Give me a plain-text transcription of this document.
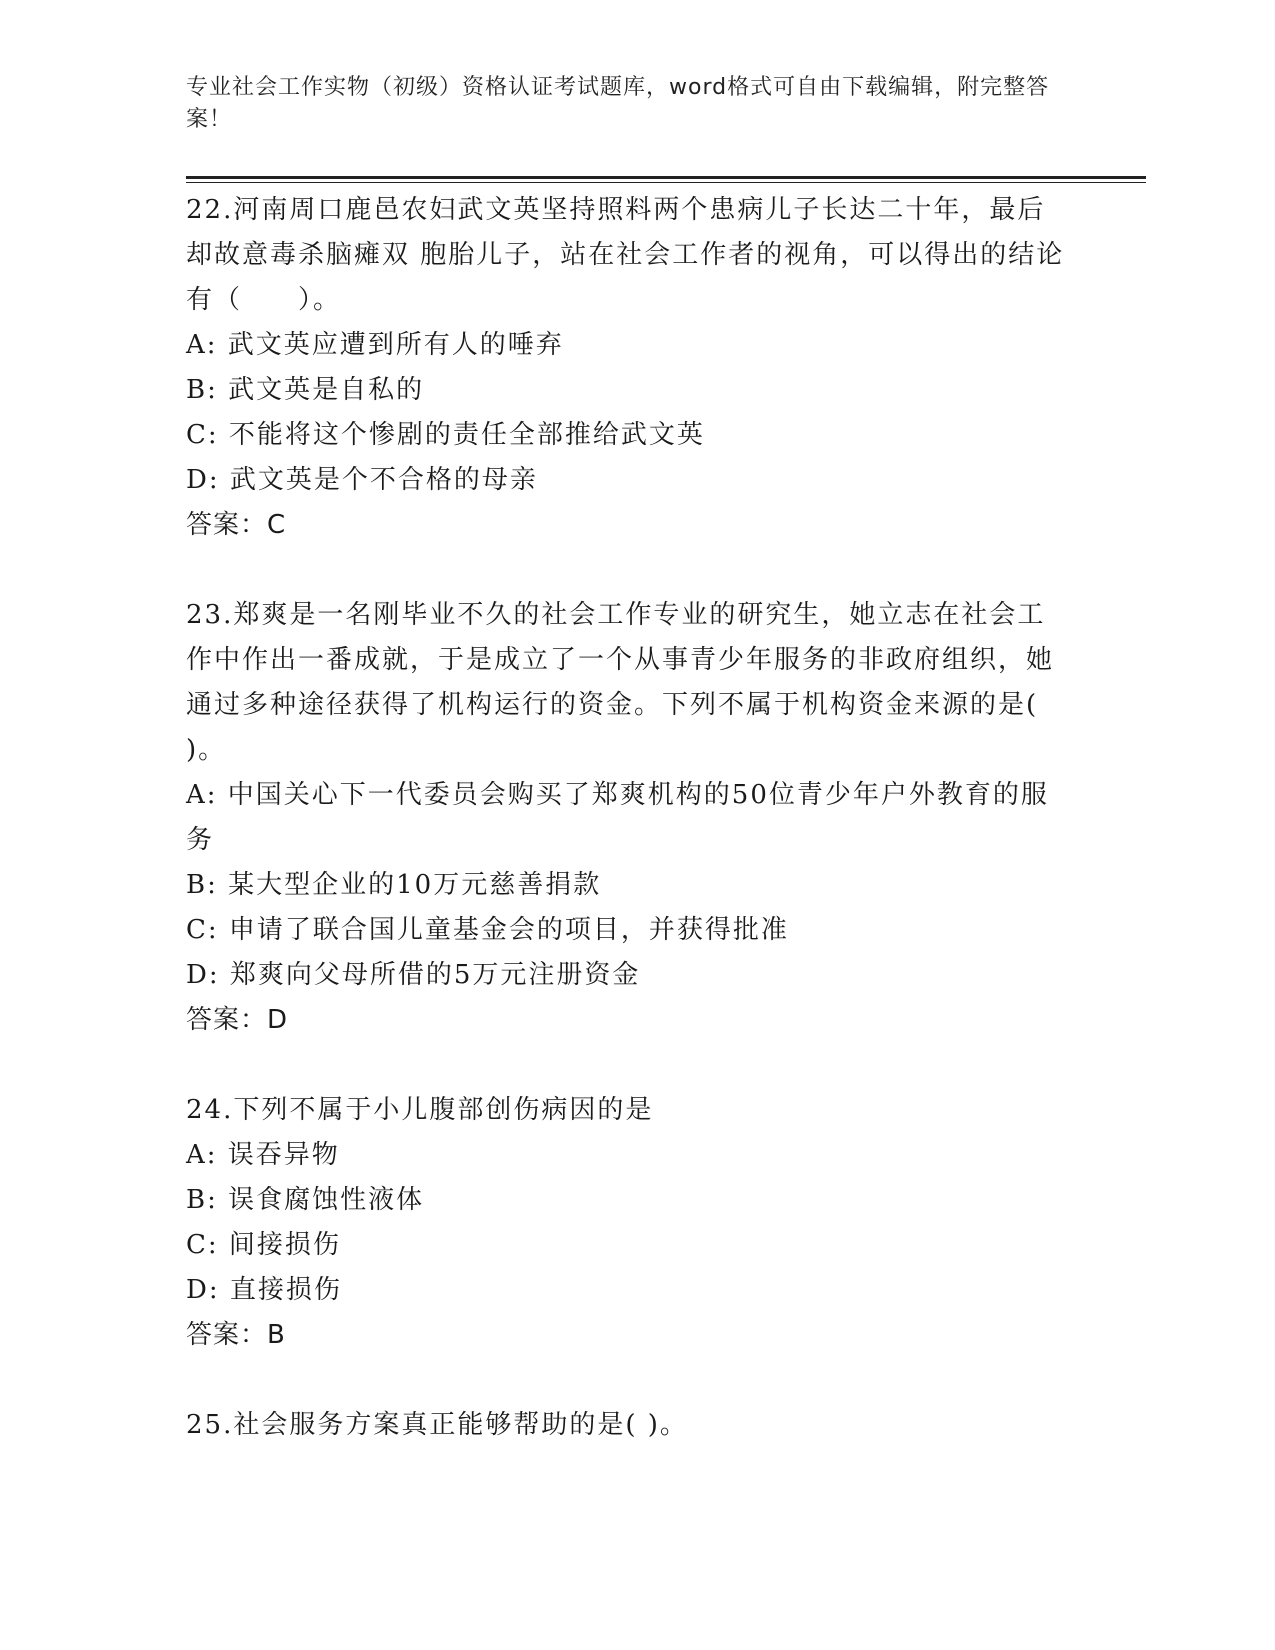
专业社会工作实物（初级）资格认证考试题库，word格式可自由下载编辑，附完整答案！

22.河南周口鹿邑农妇武文英坚持照料两个患病儿子长达二十年，最后却故意毒杀脑瘫双 胞胎儿子，站在社会工作者的视角，可以得出的结论有（　　）。

A: 武文英应遭到所有人的唾弃

B: 武文英是自私的

C: 不能将这个惨剧的责任全部推给武文英

D: 武文英是个不合格的母亲

答案：C

23.郑爽是一名刚毕业不久的社会工作专业的研究生，她立志在社会工作中作出一番成就，于是成立了一个从事青少年服务的非政府组织，她通过多种途径获得了机构运行的资金。下列不属于机构资金来源的是( )。

A: 中国关心下一代委员会购买了郑爽机构的50位青少年户外教育的服务

B: 某大型企业的10万元慈善捐款

C: 申请了联合国儿童基金会的项目，并获得批准

D: 郑爽向父母所借的5万元注册资金

答案：D

24.下列不属于小儿腹部创伤病因的是

A: 误吞异物

B: 误食腐蚀性液体

C: 间接损伤

D: 直接损伤

答案：B

25.社会服务方案真正能够帮助的是( )。
